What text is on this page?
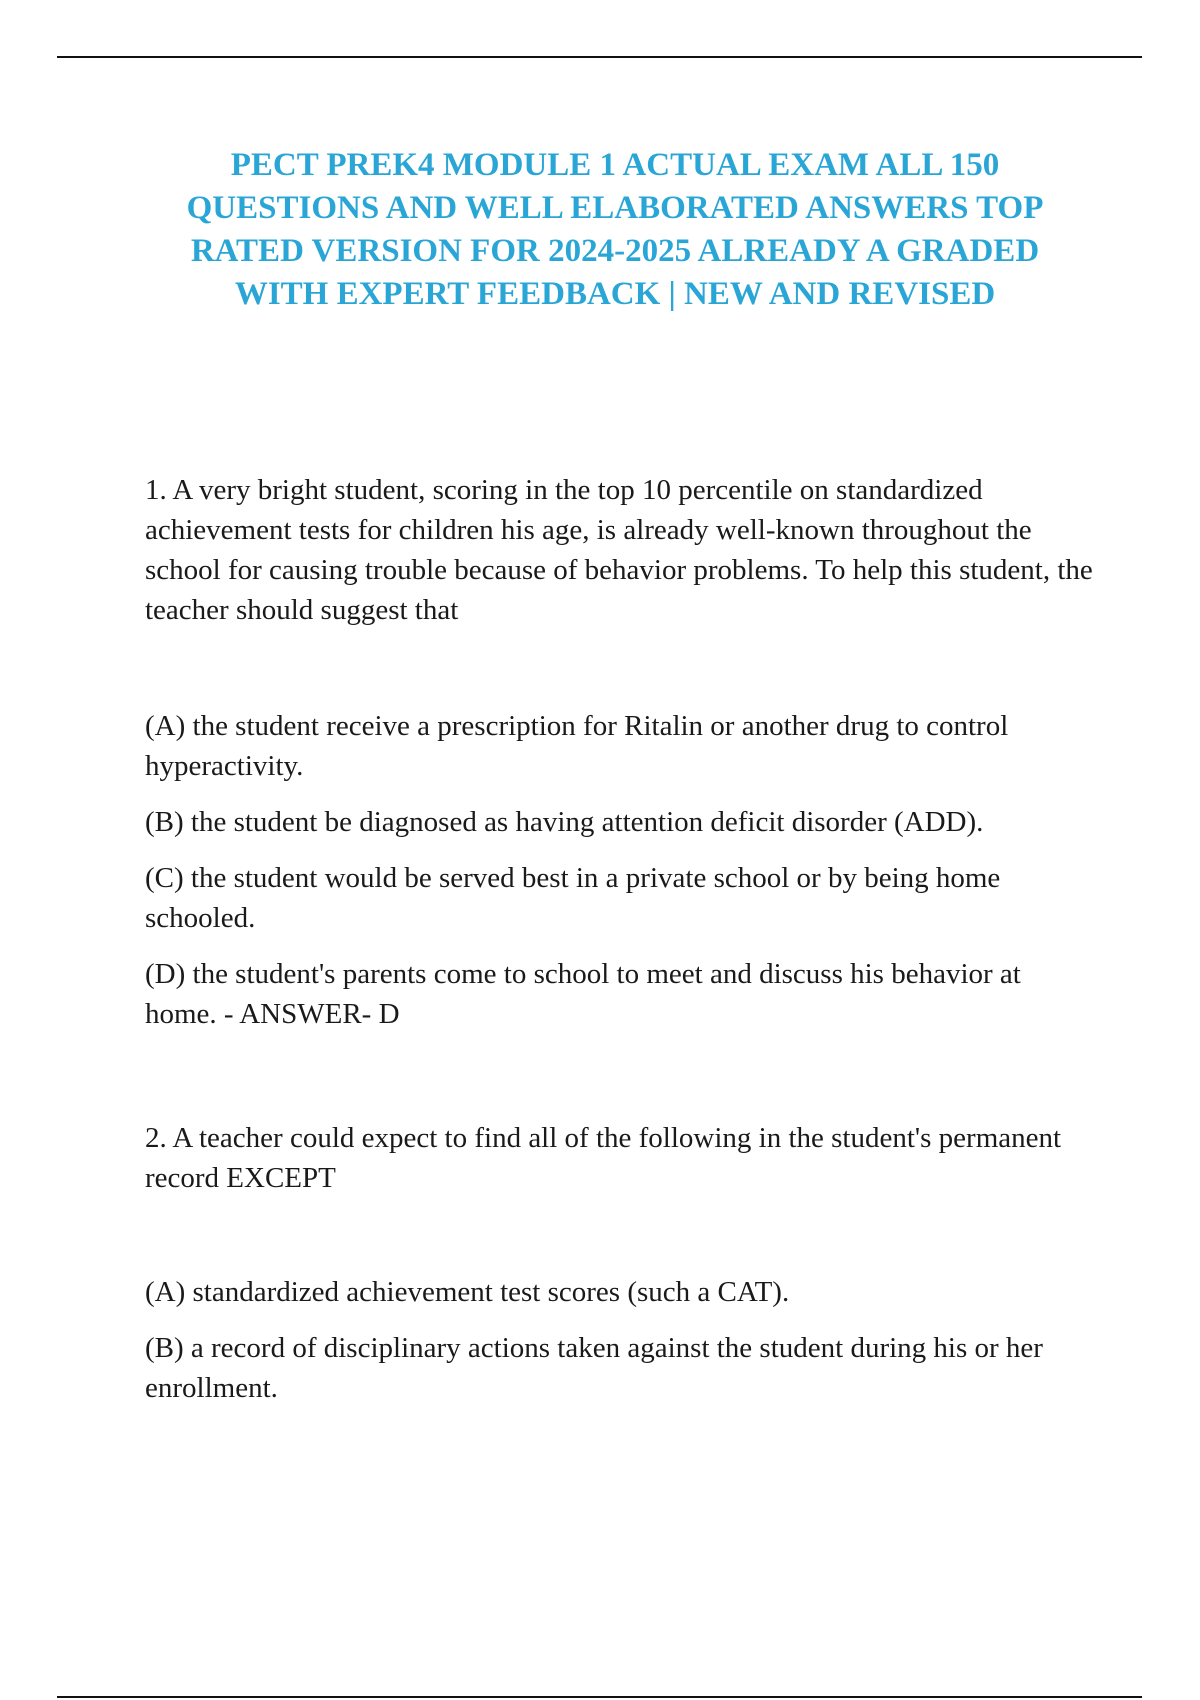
PECT PREK4 MODULE 1 ACTUAL EXAM ALL 150 QUESTIONS AND WELL ELABORATED ANSWERS TOP RATED VERSION FOR 2024-2025 ALREADY A GRADED WITH EXPERT FEEDBACK | NEW AND REVISED

1. A very bright student, scoring in the top 10 percentile on standardized achievement tests for children his age, is already well-known throughout the school for causing trouble because of behavior problems. To help this student, the teacher should suggest that

(A) the student receive a prescription for Ritalin or another drug to control hyperactivity.

(B) the student be diagnosed as having attention deficit disorder (ADD).

(C) the student would be served best in a private school or by being home schooled.

(D) the student's parents come to school to meet and discuss his behavior at home. - ANSWER- D

2. A teacher could expect to find all of the following in the student's permanent record EXCEPT

(A) standardized achievement test scores (such a CAT).

(B) a record of disciplinary actions taken against the student during his or her enrollment.
